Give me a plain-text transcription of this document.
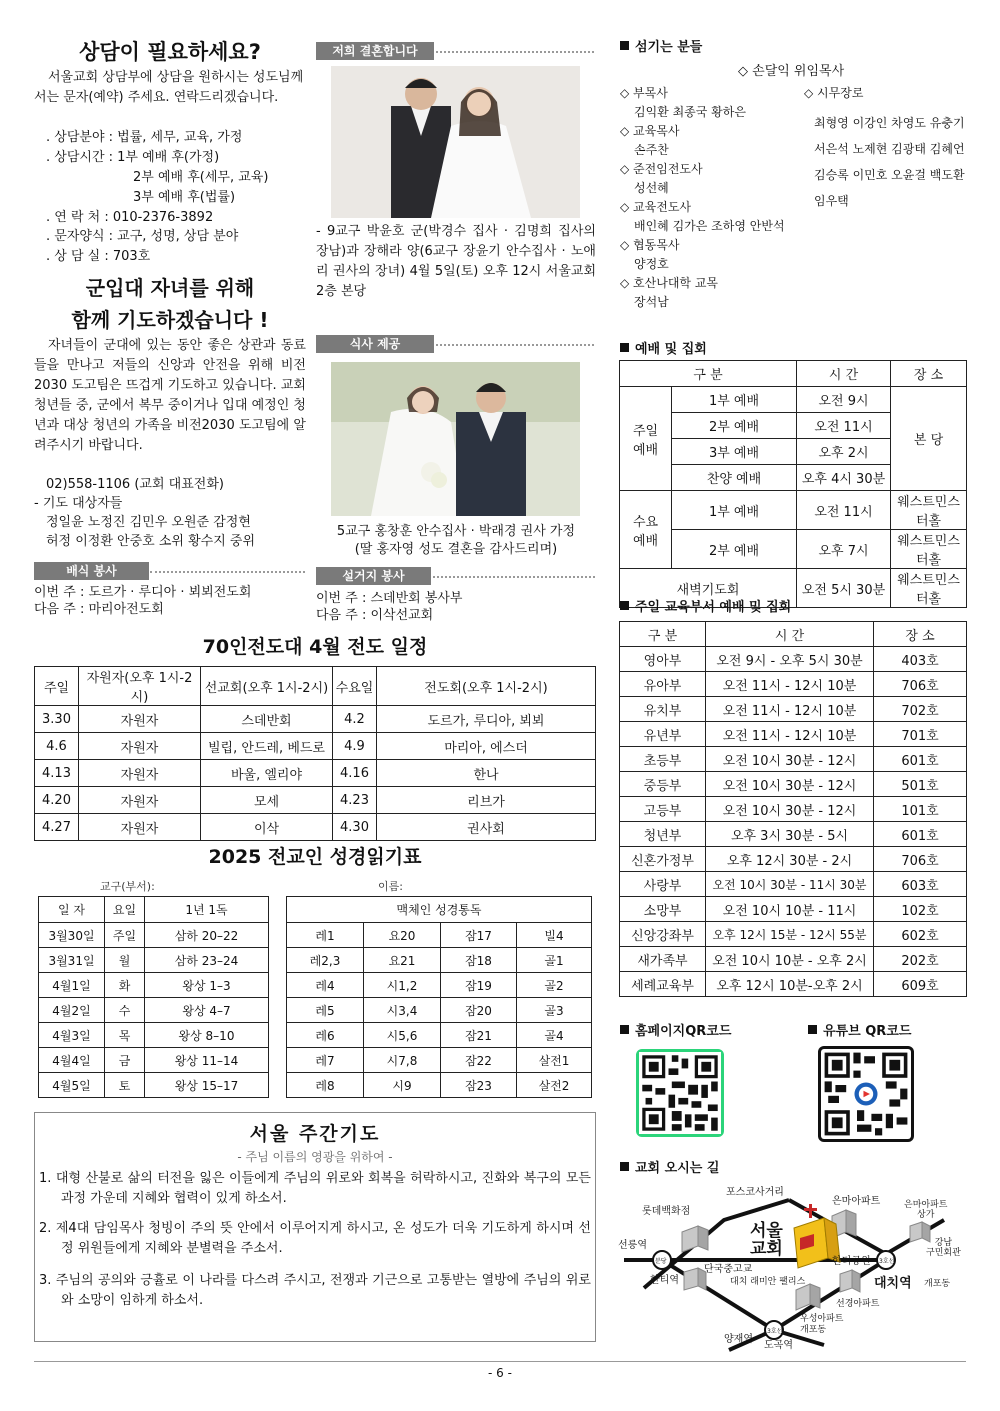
상담이 필요하세요?
서울교회 상담부에 상담을 원하시는 성도님께서는 문자(예약) 주세요. 연락드리겠습니다.
. 상담분야 : 법률, 세무, 교육, 가정
. 상담시간 : 1부 예배 후(가정)
2부 예배 후(세무, 교육)
3부 예배 후(법률)
. 연 락 처 : 010-2376-3892
. 문자양식 : 교구, 성명, 상담 분야
. 상 담 실 : 703호
군입대 자녀를 위해
함께 기도하겠습니다 !
자녀들이 군대에 있는 동안 좋은 상관과 동료들을 만나고 저들의 신앙과 안전을 위해 비전2030 도고팀은 뜨겁게 기도하고 있습니다. 교회 청년들 중, 군에서 복무 중이거나 입대 예정인 청년과 대상 청년의 가족을 비전2030 도고팀에 알려주시기 바랍니다.
02)558-1106 (교회 대표전화)
- 기도 대상자들
정일윤 노정진 김민우 오원준 감정현
허정 이정환 안중호 소위 황수지 중위
배식 봉사
이번 주 : 도르가 · 루디아 · 뵈뵈전도회
다음 주 : 마리아전도회
저희 결혼합니다
- 9교구 박윤호 군(박경수 집사 · 김명희 집사의 장남)과 장해라 양(6교구 장윤기 안수집사 · 노애리 권사의 장녀) 4월 5일(토) 오후 12시 서울교회 2층 본당
식사 제공
5교구 홍창훈 안수집사 · 박래경 권사 가정
(딸 홍자영 성도 결혼을 감사드리며)
설거지 봉사
이번 주 : 스데반회 봉사부
다음 주 : 이삭선교회
70인전도대 4월 전도 일정
주일	자원자(오후 1시-2시)	선교회(오후 1시-2시)	수요일	전도회(오후 1시-2시)
3.30	자원자	스데반회	4.2	도르가, 루디아, 뵈뵈
4.6	자원자	빌립, 안드레, 베드로	4.9	마리아, 에스더
4.13	자원자	바울, 엘리야	4.16	한나
4.20	자원자	모세	4.23	리브가
4.27	자원자	이삭	4.30	권사회
2025 전교인 성경읽기표
교구(부서):	이름:
일 자	요일	1년 1독
3월30일	주일	삼하 20–22
3월31일	월	삼하 23–24
4월1일	화	왕상 1–3
4월2일	수	왕상 4–7
4월3일	목	왕상 8–10
4월4일	금	왕상 11–14
4월5일	토	왕상 15–17
맥체인 성경통독			
레1	요20	잠17	빌4
레2,3	요21	잠18	골1
레4	시1,2	잠19	골2
레5	시3,4	잠20	골3
레6	시5,6	잠21	골4
레7	시7,8	잠22	살전1
레8	시9	잠23	살전2
서울 주간기도
- 주님 이름의 영광을 위하여 -
1. 대형 산불로 삶의 터전을 잃은 이들에게 주님의 위로와 회복을 허락하시고, 진화와 복구의 모든 과정 가운데 지혜와 협력이 있게 하소서.
2. 제4대 담임목사 청빙이 주의 뜻 안에서 이루어지게 하시고, 온 성도가 더욱 기도하게 하시며 선정 위원들에게 지혜와 분별력을 주소서.
3. 주님의 공의와 긍휼로 이 나라를 다스려 주시고, 전쟁과 기근으로 고통받는 열방에 주님의 위로와 소망이 임하게 하소서.
섬기는 분들
◇ 손달익 위임목사
◇ 부목사
김익환 최종국 황하은
◇ 교육목사
손주찬
◇ 준전임전도사
성선혜
◇ 교육전도사
배인혜 김가은 조하영 안반석
◇ 협동목사
양정호
◇ 호산나대학 교목
장석남
◇ 시무장로
최형영 이강인 차영도 유충기
서은석 노제현 김광태 김혜언
김승록 이민호 오윤걸 백도환
임우택
예배 및 집회
구 분		시 간	장 소
주일
예배	1부 예배	오전 9시	본 당
	2부 예배	오전 11시	
	3부 예배	오후 2시	
	찬양 예배	오후 4시 30분	
수요
예배	1부 예배	오전 11시	웨스트민스터홀
	2부 예배	오후 7시	웨스트민스터홀
새벽기도회		오전 5시 30분	웨스트민스터홀
주일 교육부서 예배 및 집회
구 분	시 간	장 소
영아부	오전 9시 - 오후 5시 30분	403호
유아부	오전 11시 - 12시 10분	706호
유치부	오전 11시 - 12시 10분	702호
유년부	오전 11시 - 12시 10분	701호
초등부	오전 10시 30분 - 12시	601호
중등부	오전 10시 30분 - 12시	501호
고등부	오전 10시 30분 - 12시	101호
청년부	오후 3시 30분 - 5시	601호
신혼가정부	오후 12시 30분 - 2시	706호
사랑부	오전 10시 30분 - 11시 30분	603호
소망부	오전 10시 10분 - 11시	102호
신앙강좌부	오후 12시 15분 - 12시 55분	602호
새가족부	오전 10시 10분 - 오후 2시	202호
세례교육부	오후 12시 10분-오후 2시	609호
홈페이지QR코드	유튜브 QR코드
교회 오시는 길
포스코사거리
롯데백화점
은마아파트	은마아파트
상가
선릉역
서울
교회	강남
구민회관
한티역
단국중고교
한티공원
대치역
대치 래미안 팰리스	개포동
선경아파트
우성아파트
개포동
양재역
도곡역
분당	3호선
3호선
- 6 -
